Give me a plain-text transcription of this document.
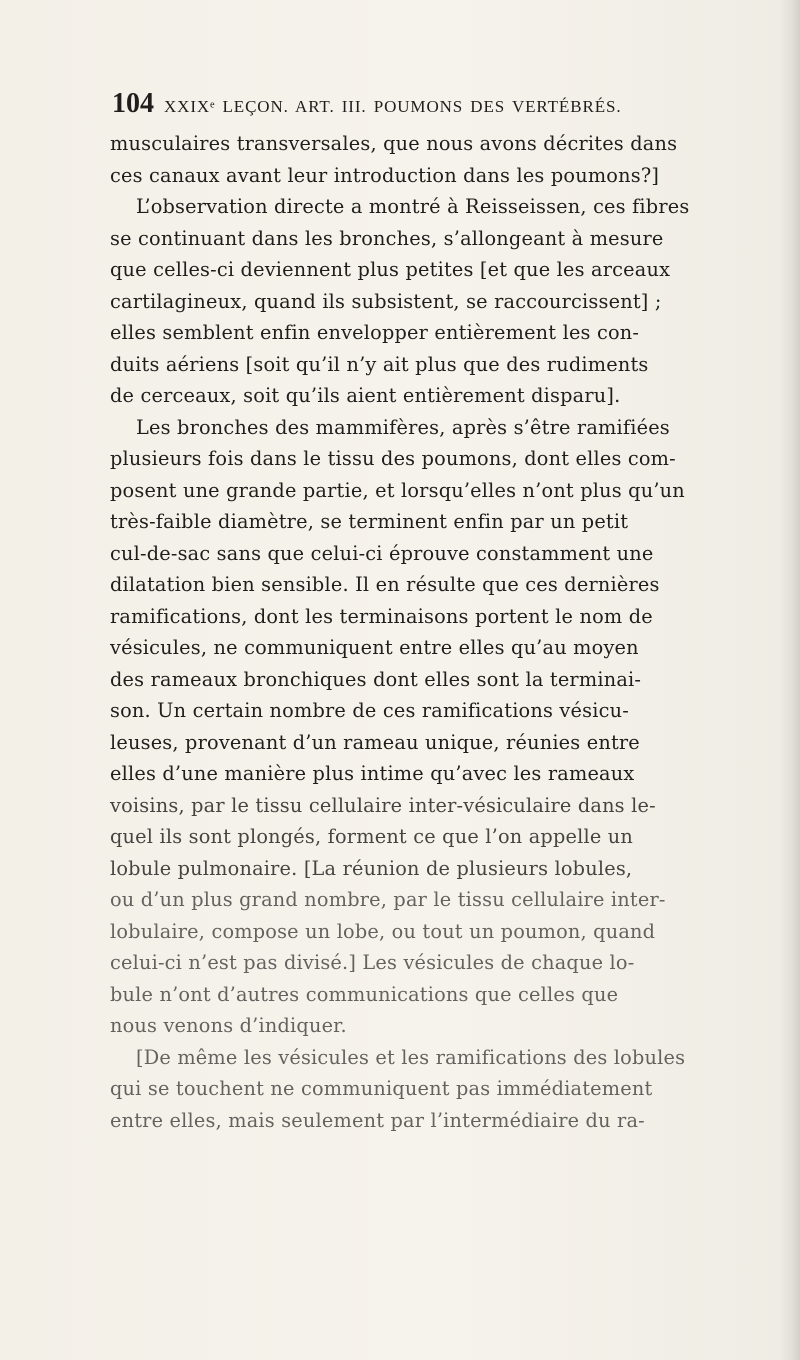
104 XXIXᵉ LEÇON. ART. III. POUMONS DES VERTÉBRÉS.
musculaires transversales, que nous avons décrites dans
ces canaux avant leur introduction dans les poumons?]
L’observation directe a montré à Reisseissen, ces fibres
se continuant dans les bronches, s’allongeant à mesure
que celles-ci deviennent plus petites [et que les arceaux
cartilagineux, quand ils subsistent, se raccourcissent] ;
elles semblent enfin envelopper entièrement les con-
duits aériens [soit qu’il n’y ait plus que des rudiments
de cerceaux, soit qu’ils aient entièrement disparu].
Les bronches des mammifères, après s’être ramifiées
plusieurs fois dans le tissu des poumons, dont elles com-
posent une grande partie, et lorsqu’elles n’ont plus qu’un
très-faible diamètre, se terminent enfin par un petit
cul-de-sac sans que celui-ci éprouve constamment une
dilatation bien sensible. Il en résulte que ces dernières
ramifications, dont les terminaisons portent le nom de
vésicules, ne communiquent entre elles qu’au moyen
des rameaux bronchiques dont elles sont la terminai-
son. Un certain nombre de ces ramifications vésicu-
leuses, provenant d’un rameau unique, réunies entre
elles d’une manière plus intime qu’avec les rameaux
voisins, par le tissu cellulaire inter-vésiculaire dans le-
quel ils sont plongés, forment ce que l’on appelle un
lobule pulmonaire. [La réunion de plusieurs lobules,
ou d’un plus grand nombre, par le tissu cellulaire inter-
lobulaire, compose un lobe, ou tout un poumon, quand
celui-ci n’est pas divisé.] Les vésicules de chaque lo-
bule n’ont d’autres communications que celles que
nous venons d’indiquer.
[De même les vésicules et les ramifications des lobules
qui se touchent ne communiquent pas immédiatement
entre elles, mais seulement par l’intermédiaire du ra-
